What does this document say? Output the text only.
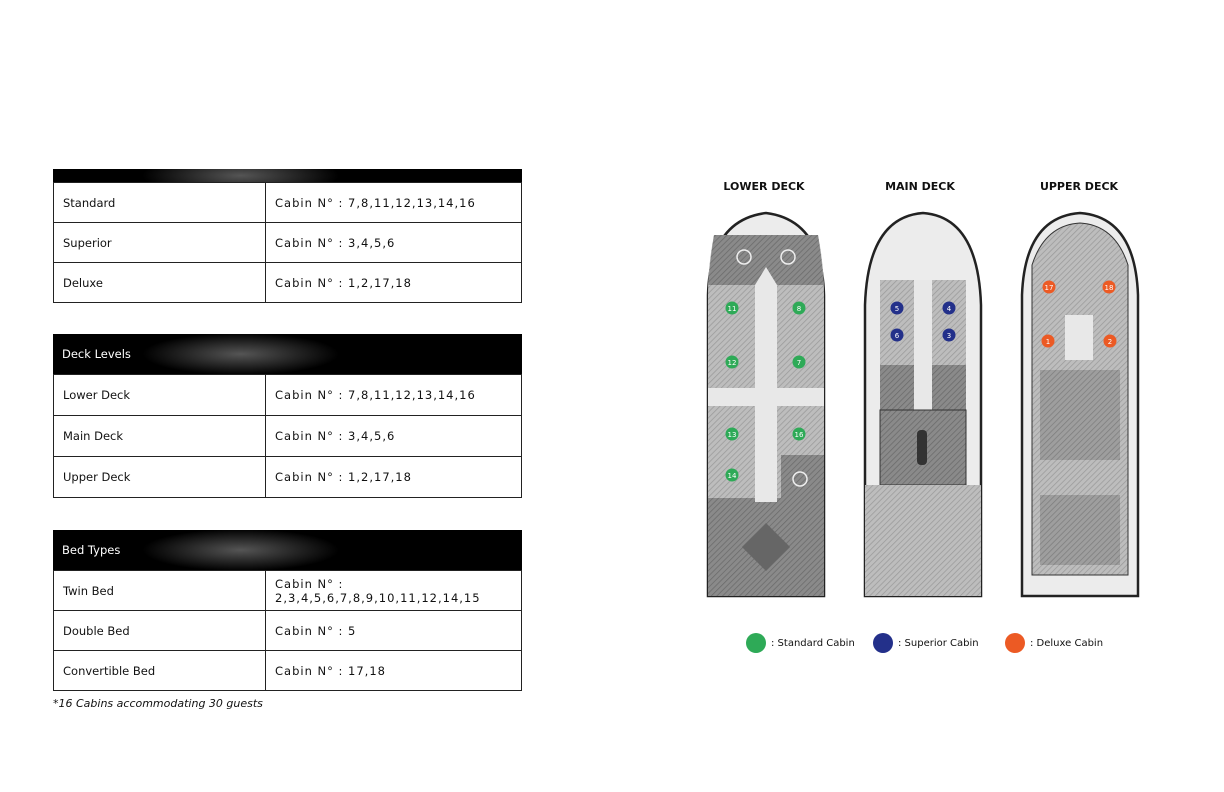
Standard	Cabin N° : 7,8,11,12,13,14,16
Superior	Cabin N° : 3,4,5,6
Deluxe	Cabin N° : 1,2,17,18
Deck Levels
Lower Deck	Cabin N° : 7,8,11,12,13,14,16
Main Deck	Cabin N° : 3,4,5,6
Upper Deck	Cabin N° : 1,2,17,18
Bed Types
Twin Bed	Cabin N° : 2,3,4,5,6,7,8,9,10,11,12,14,15
Double Bed	Cabin N° : 5
Convertible Bed	Cabin N° : 17,18
*16 Cabins accommodating 30 guests
LOWER DECK	MAIN DECK	UPPER DECK
11	8
12	7
13	16
14
5	4
6	3
17	18
1	2
: Standard Cabin	: Superior Cabin	: Deluxe Cabin
